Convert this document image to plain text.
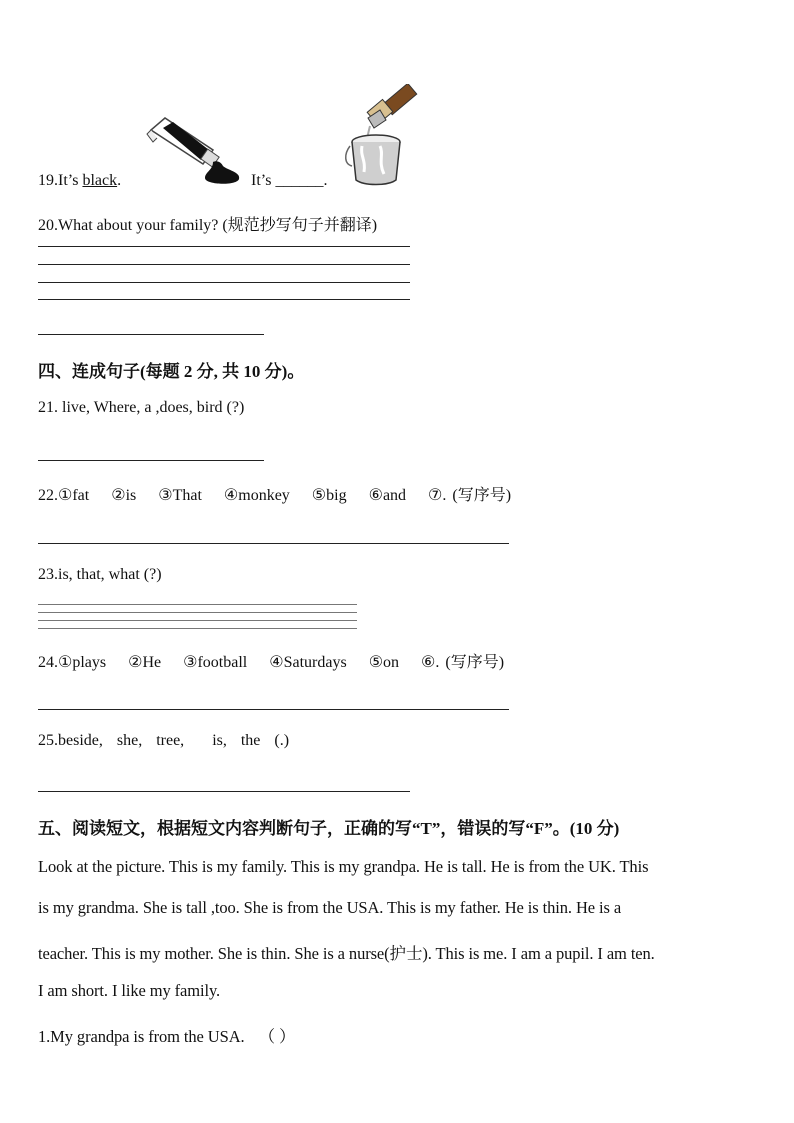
19.It’s black.	It’s ______.
20.What about your family? (规范抄写句子并翻译)
四、连成句子(每题 2 分, 共 10 分)。
21. live, Where, a ,does, bird (?)
22.①fat ②is ③That ④monkey ⑤big ⑥and ⑦. (写序号)
23.is, that, what (?)
24.①plays ②He ③football ④Saturdays ⑤on ⑥. (写序号)
25.beside, she, tree, is, the (.)
五、阅读短文，根据短文内容判断句子，正确的写“T”，错误的写“F”。(10 分)
Look at the picture. This is my family. This is my grandpa. He is tall. He is from the UK. This
is my grandma. She is tall ,too. She is from the USA. This is my father. He is thin. He is a
teacher. This is my mother. She is thin. She is a nurse(护士). This is me. I am a pupil. I am ten.
I am short. I like my family.
1.My grandpa is from the USA. （ ）
